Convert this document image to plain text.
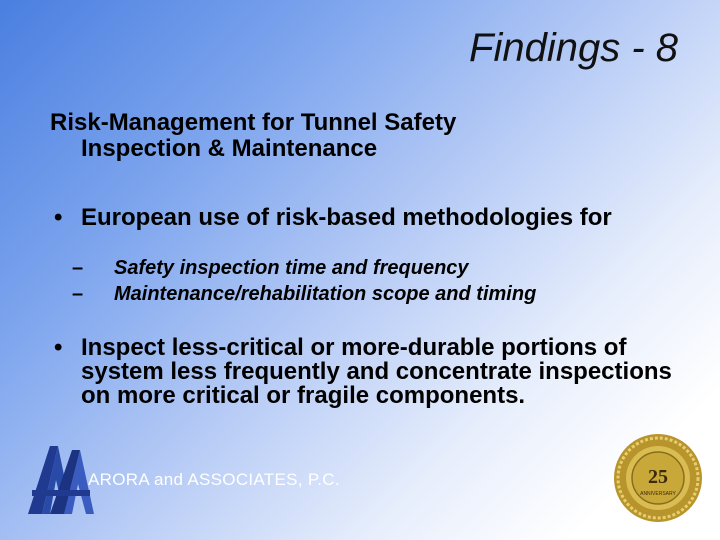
Findings - 8
Risk-Management for Tunnel Safety
Inspection & Maintenance
• European use of risk-based methodologies for
– Safety inspection time and frequency
– Maintenance/rehabilitation scope and timing
• Inspect less-critical or more-durable portions of system less frequently and concentrate inspections on more critical or fragile components.
ARORA and ASSOCIATES, P.C.	25
ANNIVERSARY
